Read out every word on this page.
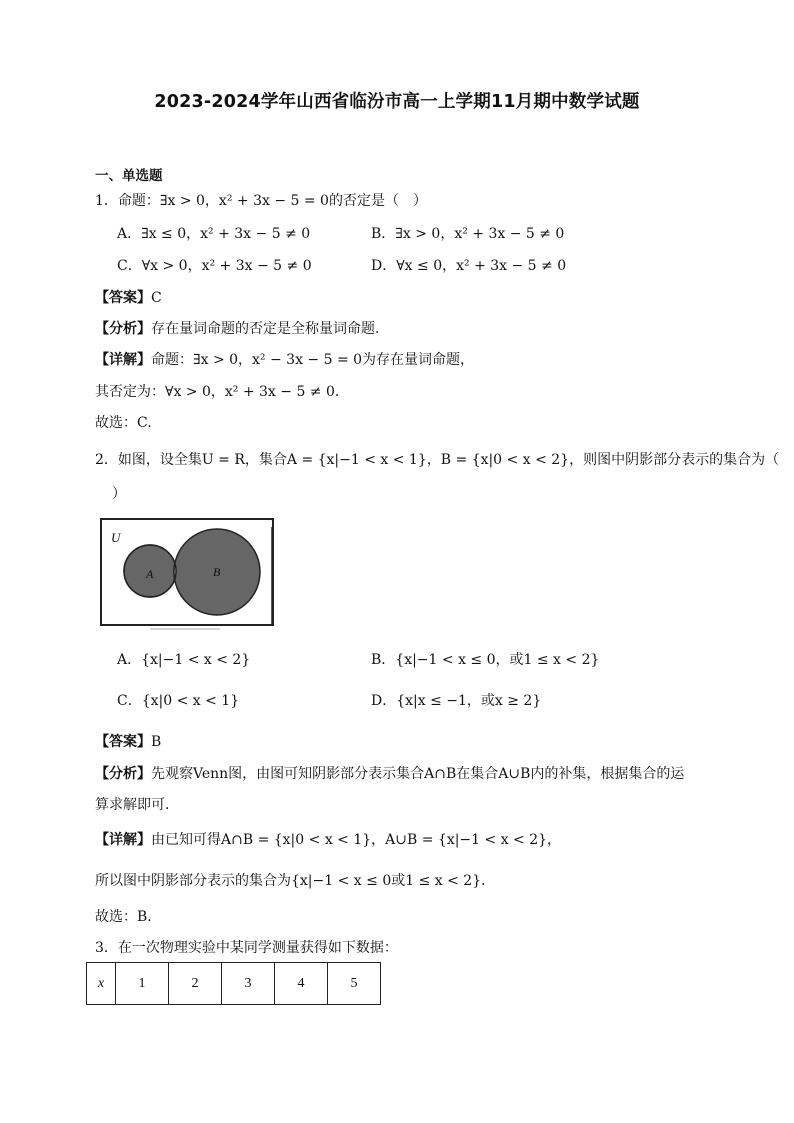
2023-2024学年山西省临汾市高一上学期11月期中数学试题
一、单选题
1．命题：∃x > 0，x² + 3x − 5 = 0的否定是（　）
A．∃x ≤ 0，x² + 3x − 5 ≠ 0	B．∃x > 0，x² + 3x − 5 ≠ 0
C．∀x > 0，x² + 3x − 5 ≠ 0	D．∀x ≤ 0，x² + 3x − 5 ≠ 0
【答案】C
【分析】存在量词命题的否定是全称量词命题.
【详解】命题：∃x > 0，x² − 3x − 5 = 0为存在量词命题，
其否定为：∀x > 0，x² + 3x − 5 ≠ 0．
故选：C.
2．如图，设全集U = R，集合A = {x|−1 < x < 1}，B = {x|0 < x < 2}，则图中阴影部分表示的集合为（
）
U
A	B
A．{x|−1 < x < 2}	B．{x|−1 < x ≤ 0，或1 ≤ x < 2}
C．{x|0 < x < 1}	D．{x|x ≤ −1，或x ≥ 2}
【答案】B
【分析】先观察Venn图，由图可知阴影部分表示集合A∩B在集合A∪B内的补集，根据集合的运
算求解即可．
【详解】由已知可得A∩B = {x|0 < x < 1}，A∪B = {x|−1 < x < 2}，
所以图中阴影部分表示的集合为{x|−1 < x ≤ 0或1 ≤ x < 2}．
故选：B.
3．在一次物理实验中某同学测量获得如下数据：
x	1	2	3	4	5
